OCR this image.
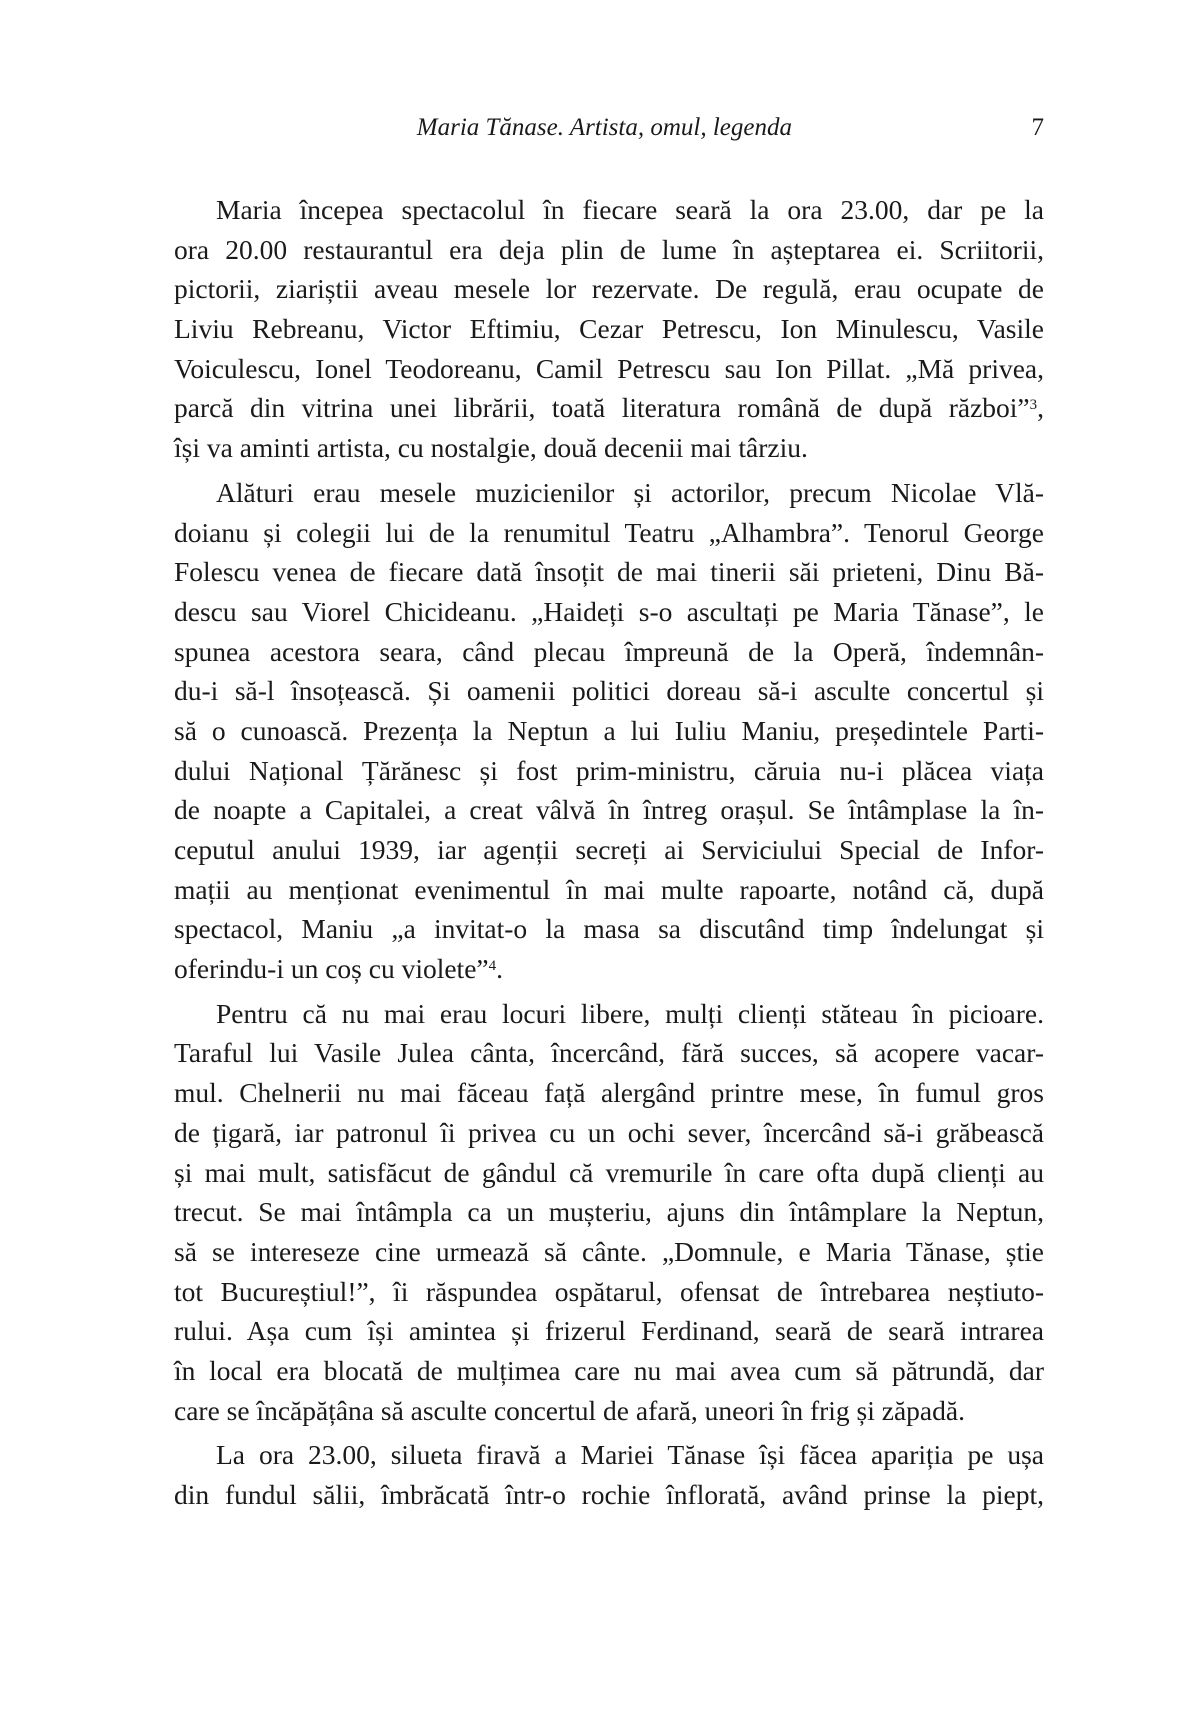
Maria Tănase. Artista, omul, legenda	7
Maria începea spectacolul în fiecare seară la ora 23.00, dar pe la
ora 20.00 restaurantul era deja plin de lume în așteptarea ei. Scriitorii,
pictorii, ziariștii aveau mesele lor rezervate. De regulă, erau ocupate de
Liviu Rebreanu, Victor Eftimiu, Cezar Petrescu, Ion Minulescu, Vasile
Voiculescu, Ionel Teodoreanu, Camil Petrescu sau Ion Pillat. „Mă privea,
parcă din vitrina unei librării, toată literatura română de după război”$^3$,
își va aminti artista, cu nostalgie, două decenii mai târziu.
Alături erau mesele muzicienilor și actorilor, precum Nicolae Vlă-
doianu și colegii lui de la renumitul Teatru „Alhambra”. Tenorul George
Folescu venea de fiecare dată însoțit de mai tinerii săi prieteni, Dinu Bă-
descu sau Viorel Chicideanu. „Haideți s-o ascultați pe Maria Tănase”, le
spunea acestora seara, când plecau împreună de la Operă, îndemnân-
du-i să-l însoțească. Și oamenii politici doreau să-i asculte concertul și
să o cunoască. Prezența la Neptun a lui Iuliu Maniu, președintele Parti-
dului Național Țărănesc și fost prim-ministru, căruia nu-i plăcea viața
de noapte a Capitalei, a creat vâlvă în întreg orașul. Se întâmplase la în-
ceputul anului 1939, iar agenții secreți ai Serviciului Special de Infor-
mații au menționat evenimentul în mai multe rapoarte, notând că, după
spectacol, Maniu „a invitat-o la masa sa discutând timp îndelungat și
oferindu-i un coș cu violete”$^4$.
Pentru că nu mai erau locuri libere, mulți clienți stăteau în picioare.
Taraful lui Vasile Julea cânta, încercând, fără succes, să acopere vacar-
mul. Chelnerii nu mai făceau față alergând printre mese, în fumul gros
de țigară, iar patronul îi privea cu un ochi sever, încercând să-i grăbească
și mai mult, satisfăcut de gândul că vremurile în care ofta după clienți au
trecut. Se mai întâmpla ca un mușteriu, ajuns din întâmplare la Neptun,
să se intereseze cine urmează să cânte. „Domnule, e Maria Tănase, știe
tot Bucureștiul!”, îi răspundea ospătarul, ofensat de întrebarea neștiuto-
rului. Așa cum își amintea și frizerul Ferdinand, seară de seară intrarea
în local era blocată de mulțimea care nu mai avea cum să pătrundă, dar
care se încăpățâna să asculte concertul de afară, uneori în frig și zăpadă.
La ora 23.00, silueta firavă a Mariei Tănase își făcea apariția pe ușa
din fundul sălii, îmbrăcată într-o rochie înflorată, având prinse la piept,
